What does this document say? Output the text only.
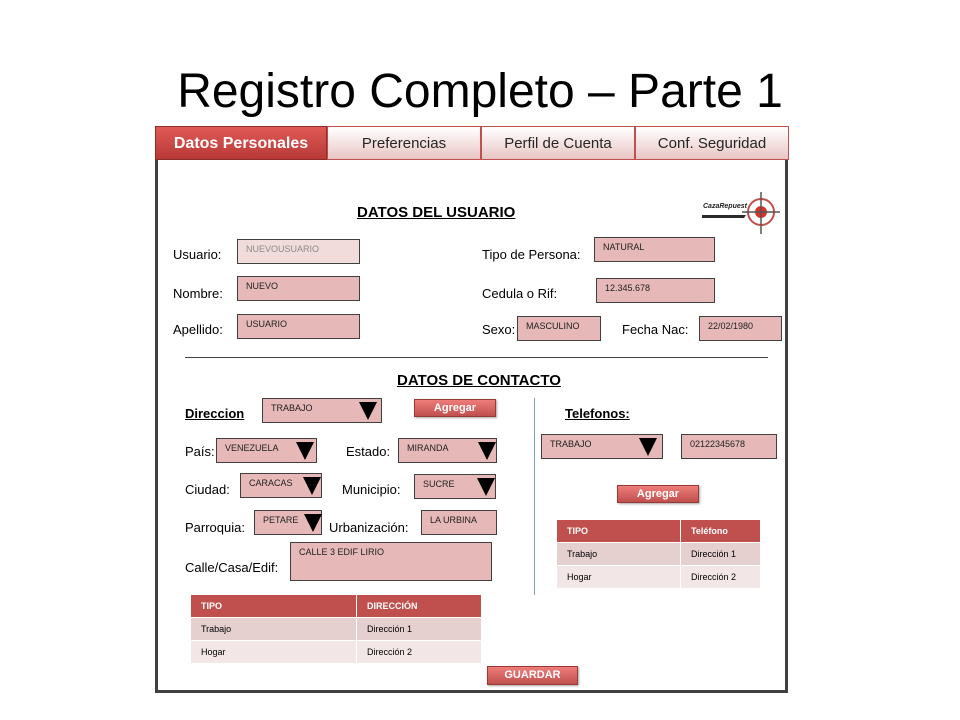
Registro Completo – Parte 1
Datos Personales	Preferencias	Perfil de Cuenta	Conf. Seguridad
CazaRepuest
DATOS DEL USUARIO
Usuario:	NUEVOUSUARIO
Nombre:	NUEVO
Apellido:	USUARIO
Tipo de Persona:	NATURAL
Cedula o Rif:	12.345.678
Sexo:	MASCULINO	Fecha Nac:	22/02/1980
DATOS DE CONTACTO
Direccion	TRABAJO	Agregar
País:	VENEZUELA	Estado:	MIRANDA
Ciudad:	CARACAS	Municipio:	SUCRE
Parroquia:	PETARE	Urbanización:	LA URBINA
Calle/Casa/Edif:
CALLE 3 EDIF LIRIO
TIPO	DIRECCIÓN
Trabajo	Dirección 1
Hogar	Dirección 2
Telefonos:
TRABAJO	02122345678
Agregar
TIPO	Teléfono
Trabajo	Dirección 1
Hogar	Dirección 2
GUARDAR
